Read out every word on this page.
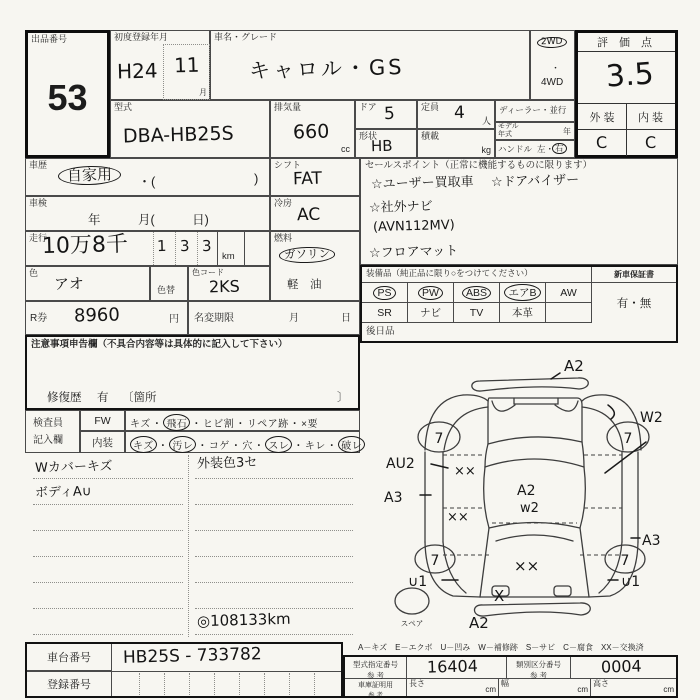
出品番号
53
初度登録年月
H24 11
月
車名・グレード
キャロル・GS
2WD
・
4WD
評 価 点
3.5
外 装 内 装
C C
型式
DBA-HB25S
排気量
660
cc
ドア 5	定員 4 人
形状
HB
積載
kg
ディーラー・並行
モデル
年式	年
ハンドル 左・ 右
車歴
自家用	・(	)
車検
年　　　月(　　　日)
走行
10万8千 1 3 3
km
色
アオ	色替
色コード
2KS
R券 8960	円 名変期限	月	日
シフト
FAT
冷房
AC
燃料
ガソリン
軽　油
セールスポイント（正常に機能するものに限ります）
☆ユーザー買取車 ☆ドアバイザー
☆社外ナビ
(AVN112MV)
☆フロアマット
装備品（純正品に限り○をつけてください）	新車保証書
PS	PW	ABS	エアB	AW
SR	ナビ	TV	本革
有・無
後日品
注意事項申告欄（不具合内容等は具体的に記入して下さい）
修復歴 有 〔箇所	〕
検査員
記入欄
FW キズ・ 飛石 ・ヒビ割・リペア跡・×要
内装	キズ ・ 汚レ ・コゲ・穴・ スレ ・キレ・ 破レ
Wカバーキズ	外装色3セ
ボディA∪
◎108133km
A2
W2
AU2	××
A3	A2
w2
××
A3
∪1	∪1
××
X
A2
7	7
7	7
スペア
A－キズ　E－エクボ　U－凹み　W－補修跡　S－サビ　C－腐食　XX－交換済
車台番号 HB25S - 733782
登録番号
型式指定番号
参 考	16404	類別区分番号
参 考	0004
車庫証明用
参 考
長さ
cm
幅
cm
高さ
cm
